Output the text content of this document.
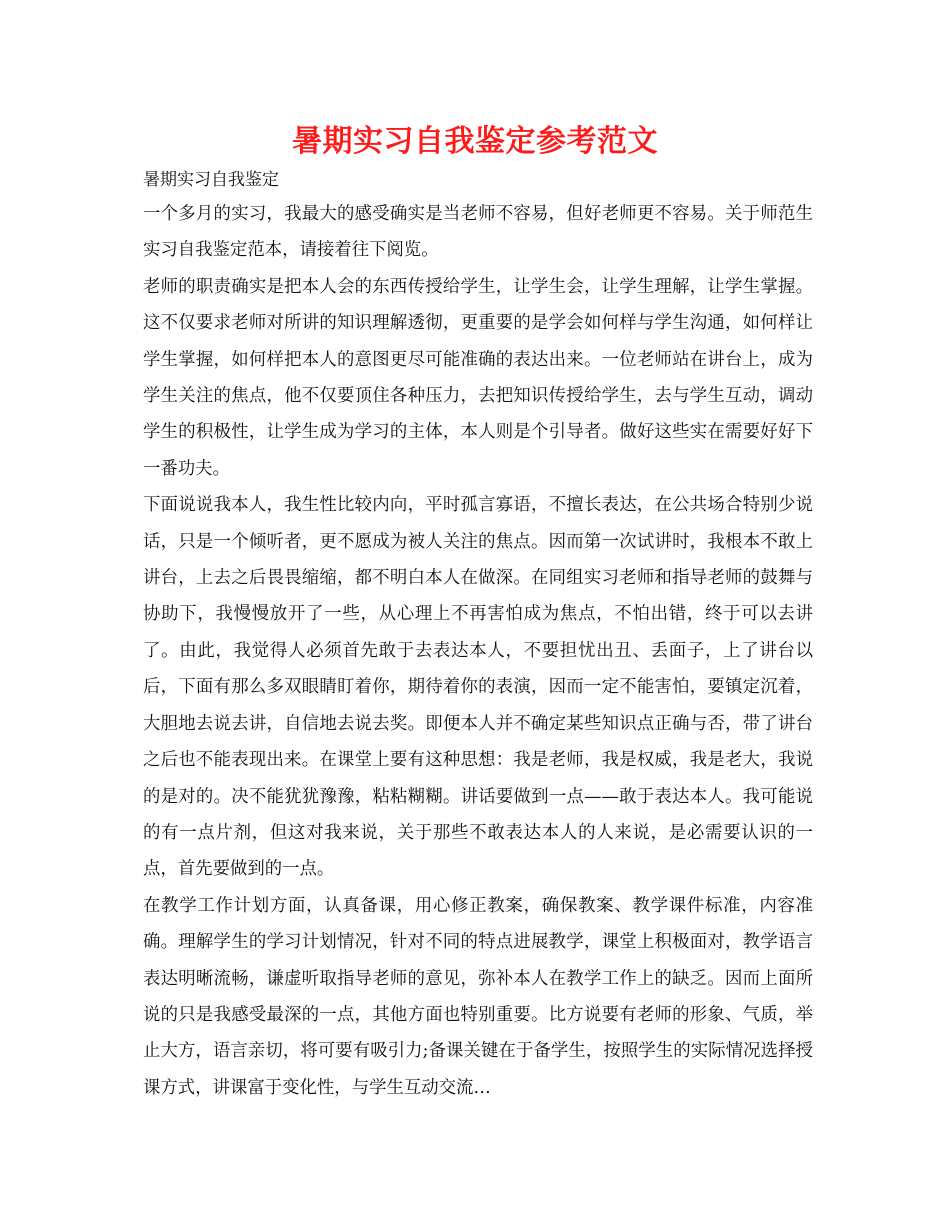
暑期实习自我鉴定参考范文

暑期实习自我鉴定

一个多月的实习，我最大的感受确实是当老师不容易，但好老师更不容易。关于师范生实习自我鉴定范本，请接着往下阅览。

老师的职责确实是把本人会的东西传授给学生，让学生会，让学生理解，让学生掌握。这不仅要求老师对所讲的知识理解透彻，更重要的是学会如何样与学生沟通，如何样让学生掌握，如何样把本人的意图更尽可能准确的表达出来。一位老师站在讲台上，成为学生关注的焦点，他不仅要顶住各种压力，去把知识传授给学生，去与学生互动，调动学生的积极性，让学生成为学习的主体，本人则是个引导者。做好这些实在需要好好下一番功夫。

下面说说我本人，我生性比较内向，平时孤言寡语，不擅长表达，在公共场合特别少说话，只是一个倾听者，更不愿成为被人关注的焦点。因而第一次试讲时，我根本不敢上讲台，上去之后畏畏缩缩，都不明白本人在做深。在同组实习老师和指导老师的鼓舞与协助下，我慢慢放开了一些，从心理上不再害怕成为焦点，不怕出错，终于可以去讲了。由此，我觉得人必须首先敢于去表达本人，不要担忧出丑、丢面子，上了讲台以后，下面有那么多双眼睛盯着你，期待着你的表演，因而一定不能害怕，要镇定沉着，大胆地去说去讲，自信地去说去奖。即便本人并不确定某些知识点正确与否，带了讲台之后也不能表现出来。在课堂上要有这种思想：我是老师，我是权威，我是老大，我说的是对的。决不能犹犹豫豫，粘粘糊糊。讲话要做到一点——敢于表达本人。我可能说的有一点片剂，但这对我来说，关于那些不敢表达本人的人来说，是必需要认识的一点，首先要做到的一点。

在教学工作计划方面，认真备课，用心修正教案，确保教案、教学课件标准，内容准确。理解学生的学习计划情况，针对不同的特点进展教学，课堂上积极面对，教学语言表达明晰流畅，谦虚听取指导老师的意见，弥补本人在教学工作上的缺乏。因而上面所说的只是我感受最深的一点，其他方面也特别重要。比方说要有老师的形象、气质，举止大方，语言亲切，将可要有吸引力;备课关键在于备学生，按照学生的实际情况选择授课方式，讲课富于变化性，与学生互动交流…
